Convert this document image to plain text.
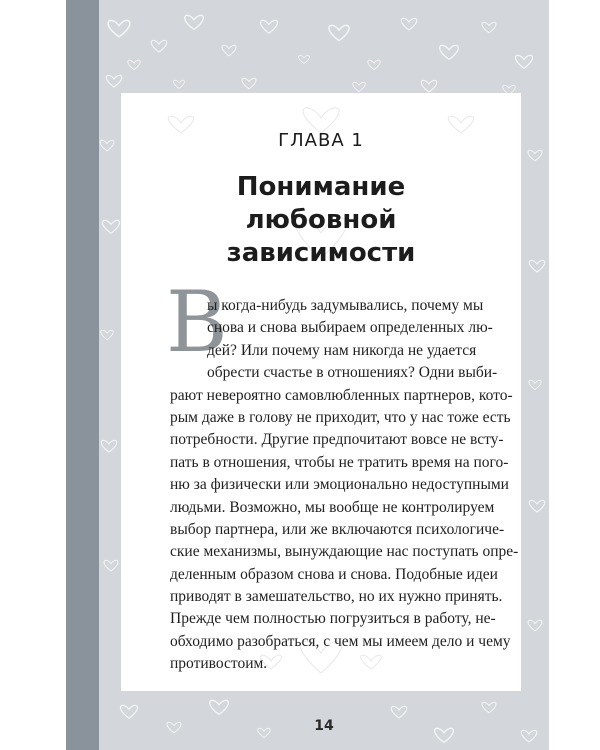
ГЛАВА 1
Понимание
любовной
зависимости
В
ы когда-нибудь задумывались, почему мы
снова и снова выбираем определенных лю-
дей? Или почему нам никогда не удается
обрести счастье в отношениях? Одни выби-
рают невероятно самовлюбленных партнеров, кото-
рым даже в голову не приходит, что у нас тоже есть
потребности. Другие предпочитают вовсе не всту-
пать в отношения, чтобы не тратить время на пого-
ню за физически или эмоционально недоступными
людьми. Возможно, мы вообще не контролируем
выбор партнера, или же включаются психологиче-
ские механизмы, вынуждающие нас поступать опре-
деленным образом снова и снова. Подобные идеи
приводят в замешательство, но их нужно принять.
Прежде чем полностью погрузиться в работу, не-
обходимо разобраться, с чем мы имеем дело и чему
противостоим.
14
